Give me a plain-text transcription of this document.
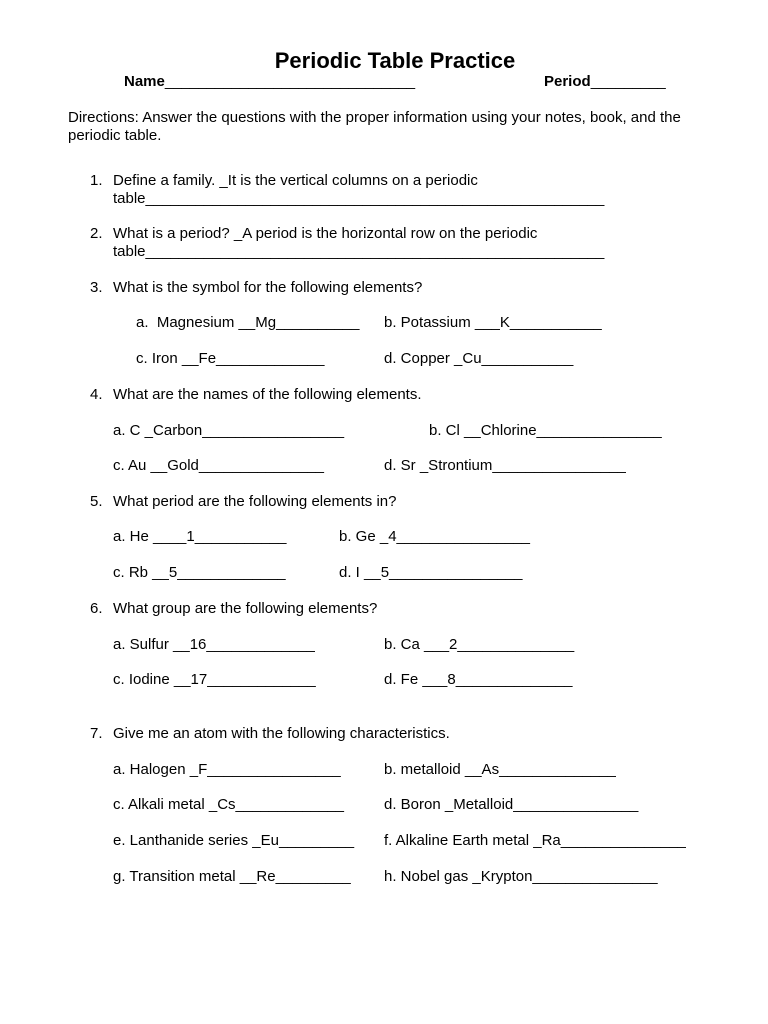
Periodic Table Practice
Name______________________________	Period_________
Directions: Answer the questions with the proper information using your notes, book, and the
periodic table.
1. Define a family. _It is the vertical columns on a periodic
table_______________________________________________________
2. What is a period? _A period is the horizontal row on the periodic
table_______________________________________________________
3. What is the symbol for the following elements?
a.  Magnesium __Mg__________ b. Potassium ___K___________
c. Iron __Fe_____________	d. Copper _Cu___________
4. What are the names of the following elements.
a. C _Carbon_________________	b. Cl __Chlorine_______________
c. Au __Gold_______________	d. Sr _Strontium________________
5. What period are the following elements in?
a. He ____1___________	b. Ge _4________________
c. Rb __5_____________	d. I __5________________
6. What group are the following elements?
a. Sulfur __16_____________	b. Ca ___2______________
c. Iodine __17_____________	d. Fe ___8______________
7. Give me an atom with the following characteristics.
a. Halogen _F________________	b. metalloid __As______________
c. Alkali metal _Cs_____________	d. Boron _Metalloid_______________
e. Lanthanide series _Eu_________ f. Alkaline Earth metal _Ra_______________
g. Transition metal __Re_________ h. Nobel gas _Krypton_______________
